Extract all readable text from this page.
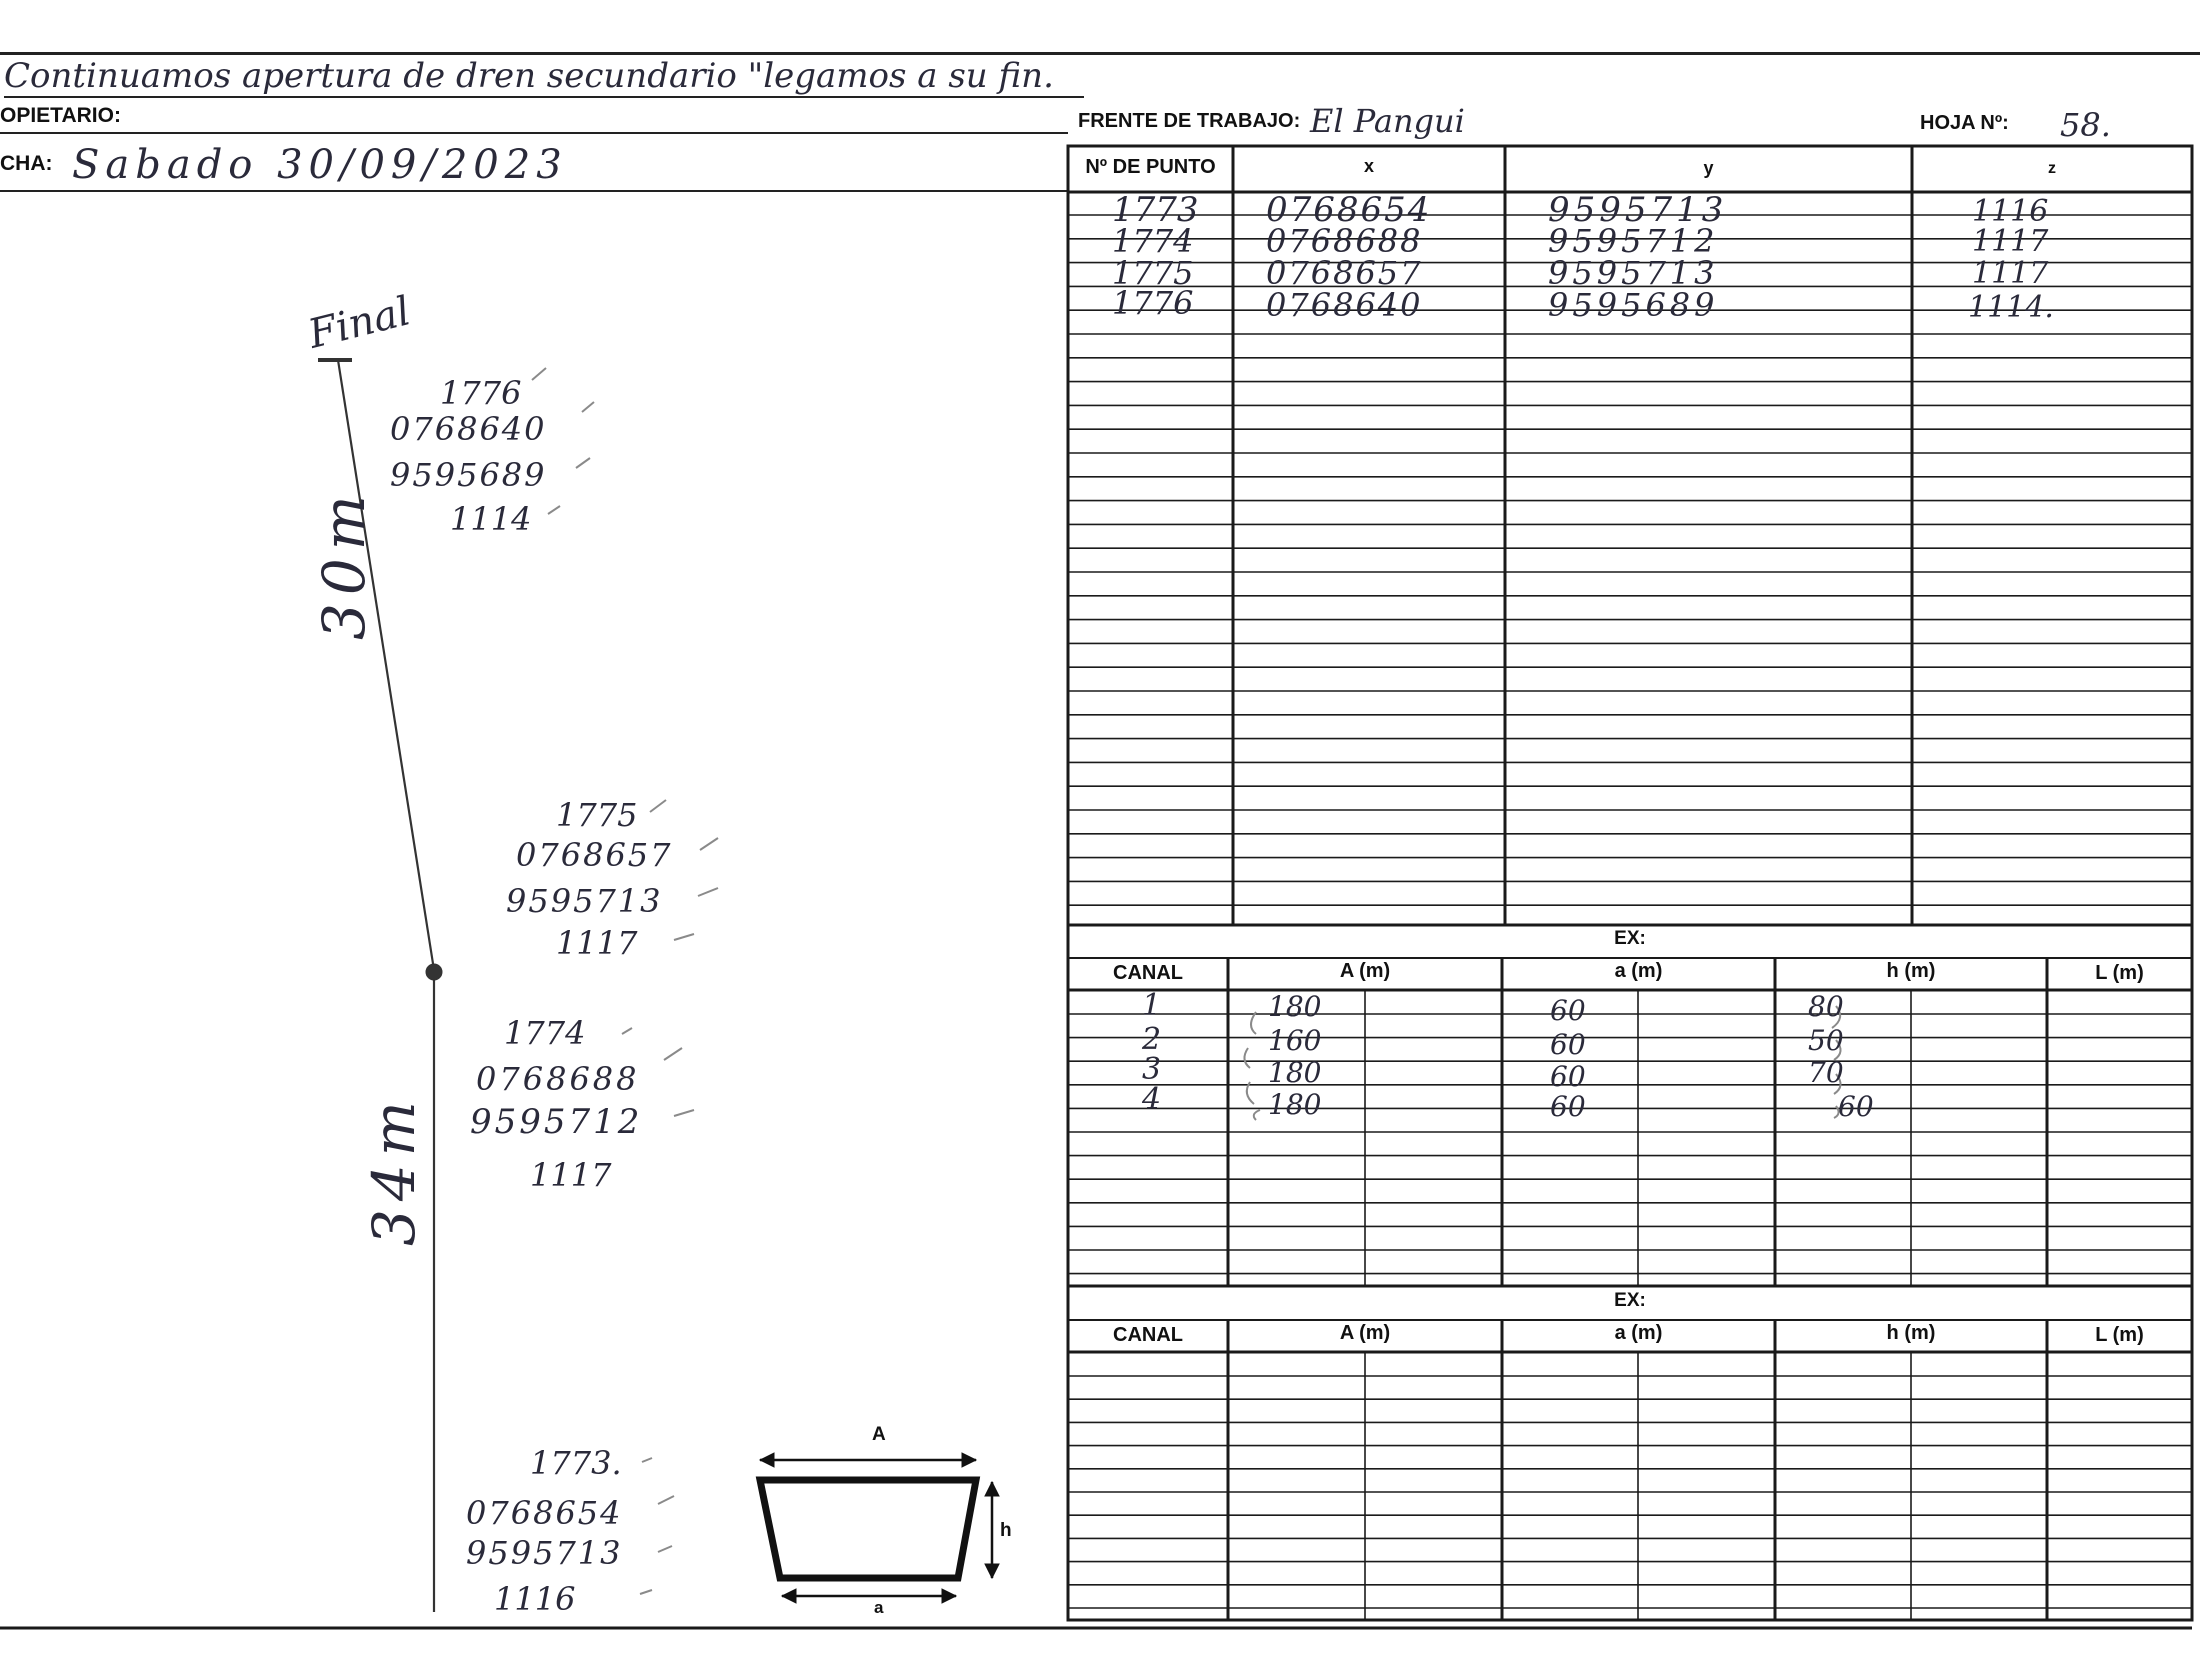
Continuamos apertura de dren secundario "legamos a su fin.
OPIETARIO:
CHA: Sabado 30/09/2023
FRENTE DE TRABAJO: El Pangui	HOJA Nº: 58.
Nº DE PUNTO	x	y	z
1773 0768654	9595713	1116
1774 0768688	9595712	1117
1775 0768657	9595713	1117
1776 0768640	9595689	1114.
EX:
CANAL	A (m)	a (m)	h (m)	L (m)
1	180	60	80
2	160	60	50
3	180	60	70
4	180	60	60
EX:
CANAL	A (m)	a (m)	h (m)	L (m)
Final
30m
34m
1776
0768640
9595689
1114
1775
0768657
9595713
1117
1774
0768688
9595712
1117
1773.
0768654
9595713
1116
A
h
a
